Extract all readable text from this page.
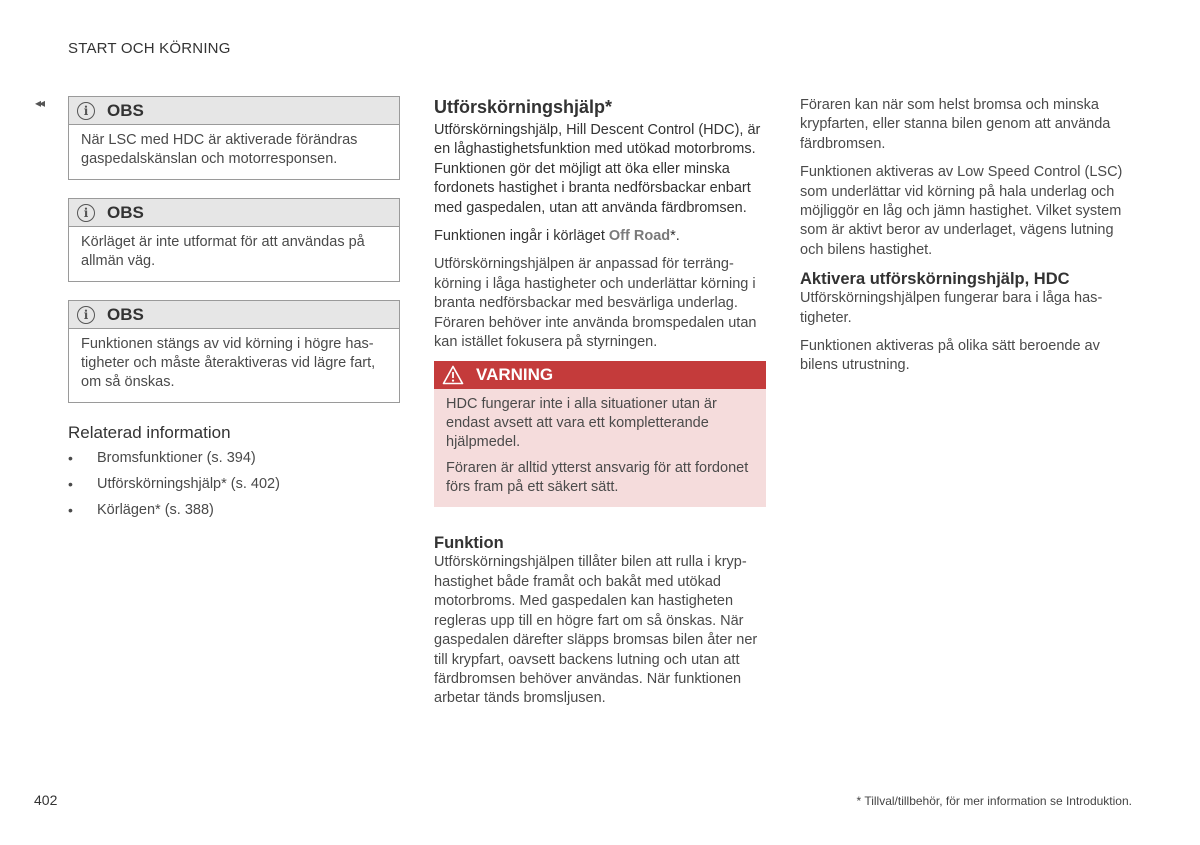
START OCH KÖRNING
◂◂
i	OBS
När LSC med HDC är aktiverade förändras gaspedalskänslan och motorresponsen.
i	OBS
Körläget är inte utformat för att användas på allmän väg.
i	OBS
Funktionen stängs av vid körning i högre hastigheter och måste återaktiveras vid lägre fart, om så önskas.
Relaterad information
•	Bromsfunktioner (s. 394)
•	Utförskörningshjälp* (s. 402)
•	Körlägen* (s. 388)
Utförskörningshjälp*

Utförskörningshjälp, Hill Descent Control (HDC), är en låghastighetsfunktion med utökad motorbroms. Funktionen gör det möjligt att öka eller minska fordonets hastighet i branta nedförsbackar enbart med gaspedalen, utan att använda färdbromsen.

Funktionen ingår i körläget Off Road*.

Utförskörningshjälpen är anpassad för terrängkörning i låga hastigheter och underlättar körning i branta nedförsbackar med besvärliga underlag. Föraren behöver inte använda bromspedalen utan kan istället fokusera på styrningen.

VARNING

HDC fungerar inte i alla situationer utan är endast avsett att vara ett kompletterande hjälpmedel.

Föraren är alltid ytterst ansvarig för att fordonet förs fram på ett säkert sätt.

Funktion

Utförskörningshjälpen tillåter bilen att rulla i kryphastighet både framåt och bakåt med utökad motorbroms. Med gaspedalen kan hastigheten regleras upp till en högre fart om så önskas. När gaspedalen därefter släpps bromsas bilen åter ner till krypfart, oavsett backens lutning och utan att färdbromsen behöver användas. När funktionen arbetar tänds bromsljusen.

Föraren kan när som helst bromsa och minska krypfarten, eller stanna bilen genom att använda färdbromsen.

Funktionen aktiveras av Low Speed Control (LSC) som underlättar vid körning på hala underlag och möjliggör en låg och jämn hastighet. Vilket system som är aktivt beror av underlaget, vägens lutning och bilens hastighet.

Aktivera utförskörningshjälp, HDC

Utförskörningshjälpen fungerar bara i låga hastigheter.

Funktionen aktiveras på olika sätt beroende av bilens utrustning.

402	* Tillval/tillbehör, för mer information se Introduktion.
